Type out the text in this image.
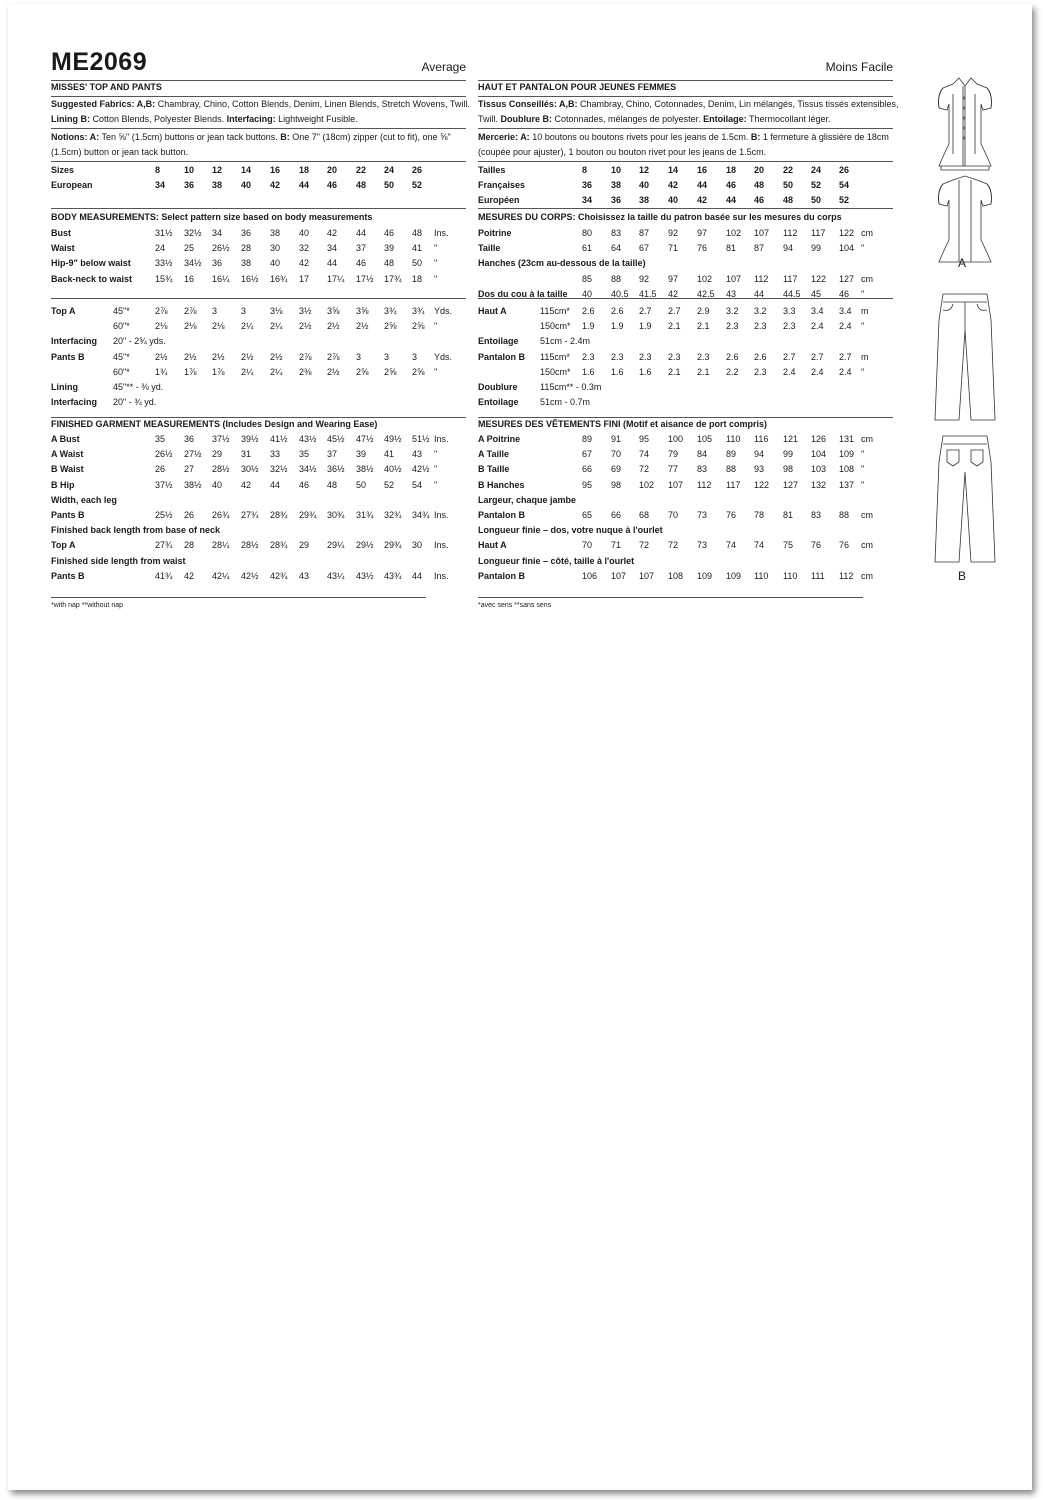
ME2069	Average
MISSES' TOP AND PANTS
Suggested Fabrics: A,B: Chambray, Chino, Cotton Blends, Denim, Linen Blends, Stretch Wovens, Twill.
Lining B: Cotton Blends, Polyester Blends. Interfacing: Lightweight Fusible.
Notions: A: Ten ⅝" (1.5cm) buttons or jean tack buttons. B: One 7" (18cm) zipper (cut to fit), one ⅝"
(1.5cm) button or jean tack button.
Sizes	8	10 12 14 16 18 20 22 24 26
European	34 36 38 40 42 44 46 48 50 52
BODY MEASUREMENTS: Select pattern size based on body measurements
Bust	31½ 32½ 34 36 38 40 42 44 46 48 Ins.
Waist	24 25 26½ 28 30 32 34 37 39 41 "
Hip-9" below waist	33½ 34½ 36 38 40 42 44 46 48 50 "
Back-neck to waist	15¾ 16 16¼ 16½ 16¾ 17 17¼ 17½ 17¾ 18 "
Top A	45"*	2⅞ 2⅞ 3	3	3⅛ 3½ 3⅝ 3⅝ 3¾ 3¾ Yds.
60"*	2⅛ 2⅛ 2⅛ 2¼ 2¼ 2½ 2½ 2½ 2⅝ 2⅝ "
Interfacing 20" - 2¾ yds.
Pants B	45"*	2½ 2½ 2½ 2½ 2½ 2⅞ 2⅞ 3	3	3 Yds.
60"*	1¾ 1⅞ 1⅞ 2¼ 2¼ 2⅜ 2½ 2⅝ 2⅝ 2⅝ "
Lining	45"** - ⅜ yd.
Interfacing 20" - ¾ yd.
FINISHED GARMENT MEASUREMENTS (Includes Design and Wearing Ease)
A Bust	35 36 37½ 39½ 41½ 43½ 45½ 47½ 49½ 51½ Ins.
A Waist	26½ 27½ 29 31 33 35 37 39 41 43 "
B Waist	26 27 28½ 30½ 32½ 34½ 36½ 38½ 40½ 42½ "
B Hip	37½ 38½ 40 42 44 46 48 50 52 54 "
Width, each leg
Pants B	25½ 26 26¾ 27¾ 28¾ 29¾ 30¾ 31¾ 32¾ 34¾ Ins.
Finished back length from base of neck
Top A	27¾ 28 28¼ 28½ 28¾ 29 29¼ 29½ 29¾ 30 Ins.
Finished side length from waist
Pants B	41¾ 42 42¼ 42½ 42¾ 43 43¼ 43½ 43¾ 44 Ins.
*with nap **without nap
Moins Facile
HAUT ET PANTALON POUR JEUNES FEMMES
Tissus Conseillés: A,B: Chambray, Chino, Cotonnades, Denim, Lin mélangés, Tissus tissés extensibles,
Twill. Doublure B: Cotonnades, mélanges de polyester. Entoilage: Thermocollant léger.
Mercerie: A: 10 boutons ou boutons rivets pour les jeans de 1.5cm. B: 1 fermeture à glissière de 18cm
(coupée pour ajuster), 1 bouton ou bouton rivet pour les jeans de 1.5cm.
Tailles	8	10 12 14 16 18 20 22 24 26
Françaises	36 38 40 42 44 46 48 50 52 54
Européen	34 36 38 40 42 44 46 48 50 52
MESURES DU CORPS: Choisissez la taille du patron basée sur les mesures du corps
Poitrine	80 83 87 92 97 102 107 112 117 122 cm
Taille	61 64 67 71 76 81 87 94 99 104 "
Hanches (23cm au-dessous de la taille)
85 88 92 97 102 107 112 117 122 127 cm
Dos du cou à la taille 40 40.5 41.5 42 42.5 43 44 44.5 45 46 "
Haut A	115cm* 2.6 2.6 2.7 2.7 2.9 3.2 3.2 3.3 3.4 3.4 m
150cm* 1.9 1.9 1.9 2.1 2.1 2.3 2.3 2.3 2.4 2.4 "
Entoilage 51cm - 2.4m
Pantalon B 115cm* 2.3 2.3 2.3 2.3 2.3 2.6 2.6 2.7 2.7 2.7 m
150cm* 1.6 1.6 1.6 2.1 2.1 2.2 2.3 2.4 2.4 2.4 "
Doublure	115cm** - 0.3m
Entoilage 51cm - 0.7m
MESURES DES VÊTEMENTS FINI (Motif et aisance de port compris)
A Poitrine	89 91 95 100 105 110 116 121 126 131 cm
A Taille	67 70 74 79 84 89 94 99 104 109 "
B Taille	66 69 72 77 83 88 93 98 103 108 "
B Hanches	95 98 102 107 112 117 122 127 132 137 "
Largeur, chaque jambe
Pantalon B	65 66 68 70 73 76 78 81 83 88 cm
Longueur finie – dos, votre nuque à l'ourlet
Haut A	70 71 72 72 73 74 74 75 76 76 cm
Longueur finie – côté, taille à l'ourlet
Pantalon B	106 107 107 108 109 109 110 110 111 112 cm
*avec sens **sans sens
A
B
